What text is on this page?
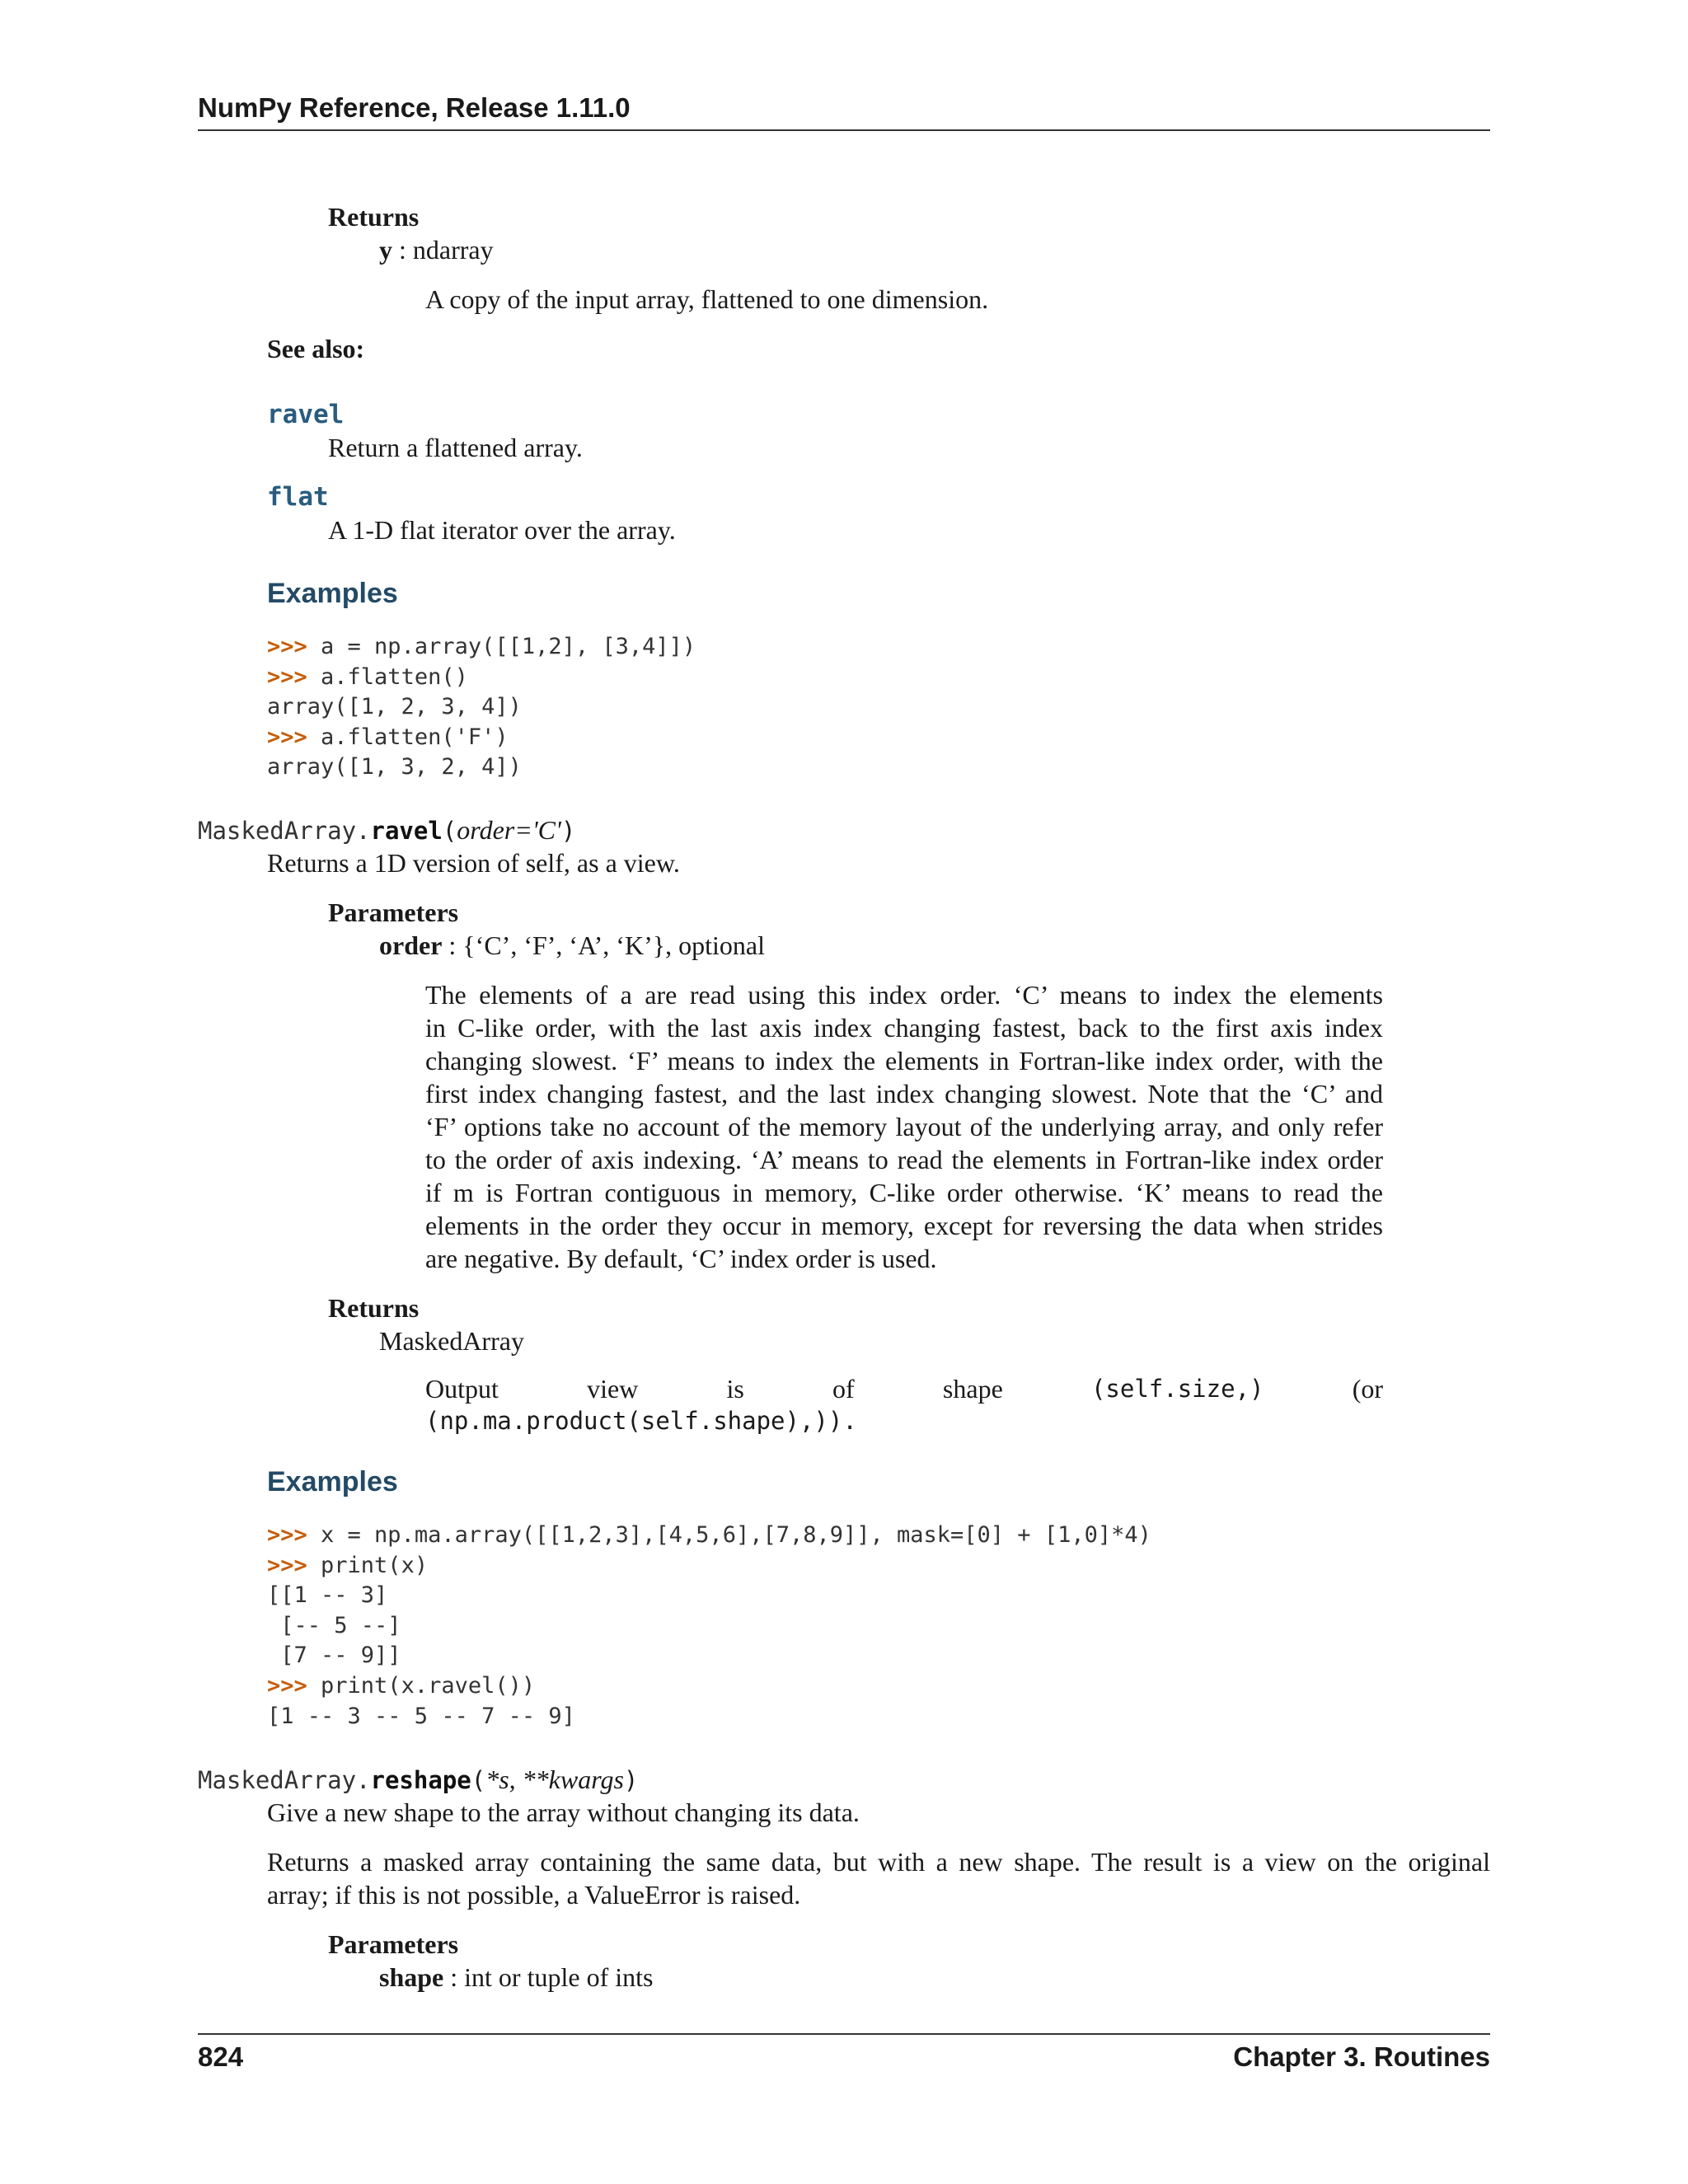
NumPy Reference, Release 1.11.0
Returns
y : ndarray
A copy of the input array, flattened to one dimension.
See also:
ravel
Return a flattened array.
flat
A 1-D flat iterator over the array.
Examples
>>> a = np.array([[1,2], [3,4]])
>>> a.flatten()
array([1, 2, 3, 4])
>>> a.flatten('F')
array([1, 3, 2, 4])
MaskedArray.ravel(order='C')
Returns a 1D version of self, as a view.
Parameters
order : {‘C’, ‘F’, ‘A’, ‘K’}, optional
The elements of a are read using this index order. ‘C’ means to index the elements
in C-like order, with the last axis index changing fastest, back to the first axis index
changing slowest. ‘F’ means to index the elements in Fortran-like index order, with the
first index changing fastest, and the last index changing slowest. Note that the ‘C’ and
‘F’ options take no account of the memory layout of the underlying array, and only refer
to the order of axis indexing. ‘A’ means to read the elements in Fortran-like index order
if m is Fortran contiguous in memory, C-like order otherwise. ‘K’ means to read the
elements in the order they occur in memory, except for reversing the data when strides
are negative. By default, ‘C’ index order is used.
Returns
MaskedArray
Output	view	is	of	shape	(self.size,)	(or
(np.ma.product(self.shape),)).
Examples
>>> x = np.ma.array([[1,2,3],[4,5,6],[7,8,9]], mask=[0] + [1,0]*4)
>>> print(x)
[[1 -- 3]
[-- 5 --]
[7 -- 9]]
>>> print(x.ravel())
[1 -- 3 -- 5 -- 7 -- 9]
MaskedArray.reshape(*s, **kwargs)
Give a new shape to the array without changing its data.
Returns a masked array containing the same data, but with a new shape. The result is a view on the original
array; if this is not possible, a ValueError is raised.
Parameters
shape : int or tuple of ints
824	Chapter 3. Routines
